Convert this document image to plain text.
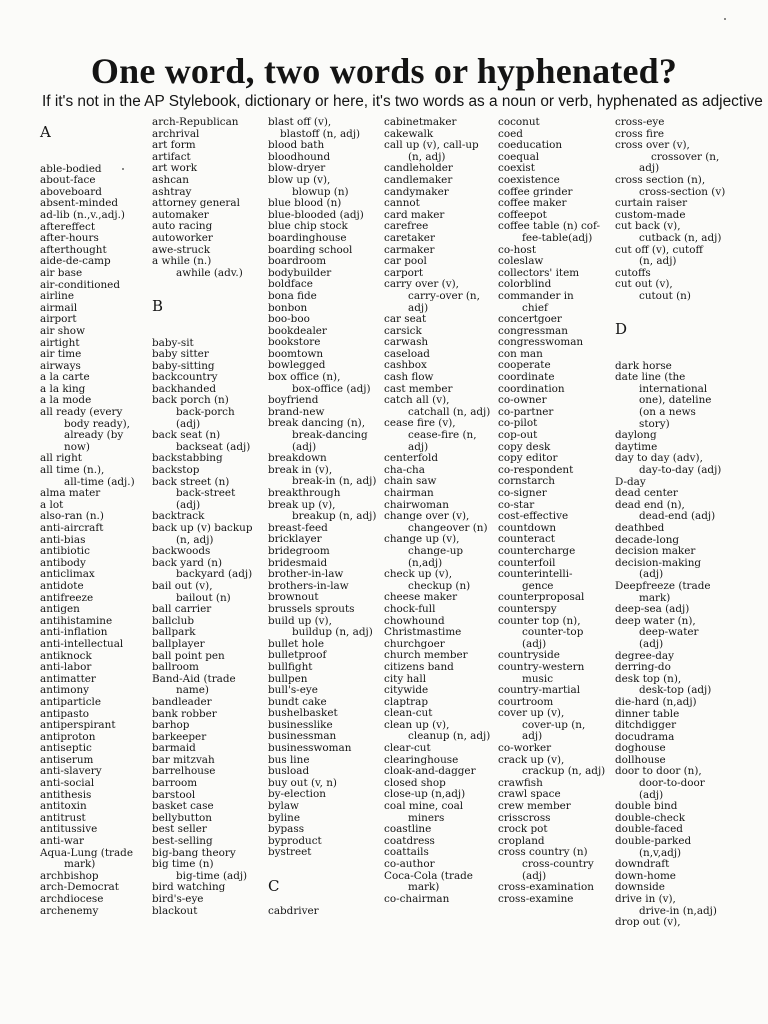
One word, two words or hyphenated?

If it's not in the AP Stylebook, dictionary or here, it's two words as a noun or verb, hyphenated as adjective

A
able-bodied
about-face
aboveboard
absent-minded
ad-lib (n.,v.,adj.)
aftereffect
after-hours
afterthought
aide-de-camp
air base
air-conditioned
airline
airmail
airport
air show
airtight
air time
airways
a la carte
a la king
a la mode
all ready (every
body ready),
already (by
now)
all right
all time (n.),
all-time (adj.)
alma mater
a lot
also-ran (n.)
anti-aircraft
anti-bias
antibiotic
antibody
anticlimax
antidote
antifreeze
antigen
antihistamine
anti-inflation
anti-intellectual
antiknock
anti-labor
antimatter
antimony
antiparticle
antipasto
antiperspirant
antiproton
antiseptic
antiserum
anti-slavery
anti-social
antithesis
antitoxin
antitrust
antitussive
anti-war
Aqua-Lung (trade
mark)
archbishop
arch-Democrat
archdiocese
archenemy
arch-Republican
archrival
art form
artifact
art work
ashcan
ashtray
attorney general
automaker
auto racing
autoworker
awe-struck
a while (n.)
awhile (adv.)
B
baby-sit
baby sitter
baby-sitting
backcountry
backhanded
back porch (n)
back-porch
(adj)
back seat (n)
backseat (adj)
backstabbing
backstop
back street (n)
back-street
(adj)
backtrack
back up (v) backup
(n, adj)
backwoods
back yard (n)
backyard (adj)
bail out (v),
bailout (n)
ball carrier
ballclub
ballpark
ballplayer
ball point pen
ballroom
Band-Aid (trade
name)
bandleader
bank robber
barhop
barkeeper
barmaid
bar mitzvah
barrelhouse
barroom
barstool
basket case
bellybutton
best seller
best-selling
big-bang theory
big time (n)
big-time (adj)
bird watching
bird's-eye
blackout
blast off (v),
blastoff (n, adj)
blood bath
bloodhound
blow-dryer
blow up (v),
blowup (n)
blue blood (n)
blue-blooded (adj)
blue chip stock
boardinghouse
boarding school
boardroom
bodybuilder
boldface
bona fide
bonbon
boo-boo
bookdealer
bookstore
boomtown
bowlegged
box office (n),
box-office (adj)
boyfriend
brand-new
break dancing (n),
break-dancing
(adj)
breakdown
break in (v),
break-in (n, adj)
breakthrough
break up (v),
breakup (n, adj)
breast-feed
bricklayer
bridegroom
bridesmaid
brother-in-law
brothers-in-law
brownout
brussels sprouts
build up (v),
buildup (n, adj)
bullet hole
bulletproof
bullfight
bullpen
bull's-eye
bundt cake
bushelbasket
businesslike
businessman
businesswoman
bus line
busload
buy out (v, n)
by-election
bylaw
byline
bypass
byproduct
bystreet
C
cabdriver
cabinetmaker
cakewalk
call up (v), call-up
(n, adj)
candleholder
candlemaker
candymaker
cannot
card maker
carefree
caretaker
carmaker
car pool
carport
carry over (v),
carry-over (n,
adj)
car seat
carsick
carwash
caseload
cashbox
cash flow
cast member
catch all (v),
catchall (n, adj)
cease fire (v),
cease-fire (n,
adj)
centerfold
cha-cha
chain saw
chairman
chairwoman
change over (v),
changeover (n)
change up (v),
change-up
(n,adj)
check up (v),
checkup (n)
cheese maker
chock-full
chowhound
Christmastime
churchgoer
church member
citizens band
city hall
citywide
claptrap
clean-cut
clean up (v),
cleanup (n, adj)
clear-cut
clearinghouse
cloak-and-dagger
closed shop
close-up (n,adj)
coal mine, coal
miners
coastline
coatdress
coattails
co-author
Coca-Cola (trade
mark)
co-chairman
coconut
coed
coeducation
coequal
coexist
coexistence
coffee grinder
coffee maker
coffeepot
coffee table (n) cof-
fee-table(adj)
co-host
coleslaw
collectors' item
colorblind
commander in
chief
concertgoer
congressman
congresswoman
con man
cooperate
coordinate
coordination
co-owner
co-partner
co-pilot
cop-out
copy desk
copy editor
co-respondent
cornstarch
co-signer
co-star
cost-effective
countdown
counteract
countercharge
counterfoil
counterintelli-
gence
counterproposal
counterspy
counter top (n),
counter-top
(adj)
countryside
country-western
music
country-martial
courtroom
cover up (v),
cover-up (n,
adj)
co-worker
crack up (v),
crackup (n, adj)
crawfish
crawl space
crew member
crisscross
crock pot
cropland
cross country (n)
cross-country
(adj)
cross-examination
cross-examine
cross-eye
cross fire
cross over (v),
crossover (n,
adj)
cross section (n),
cross-section (v)
curtain raiser
custom-made
cut back (v),
cutback (n, adj)
cut off (v), cutoff
(n, adj)
cutoffs
cut out (v),
cutout (n)
D
dark horse
date line (the
international
one), dateline
(on a news
story)
daylong
daytime
day to day (adv),
day-to-day (adj)
D-day
dead center
dead end (n),
dead-end (adj)
deathbed
decade-long
decision maker
decision-making
(adj)
Deepfreeze (trade
mark)
deep-sea (adj)
deep water (n),
deep-water
(adj)
degree-day
derring-do
desk top (n),
desk-top (adj)
die-hard (n,adj)
dinner table
ditchdigger
docudrama
doghouse
dollhouse
door to door (n),
door-to-door
(adj)
double bind
double-check
double-faced
double-parked
(n,v,adj)
downdraft
down-home
downside
drive in (v),
drive-in (n,adj)
drop out (v),
